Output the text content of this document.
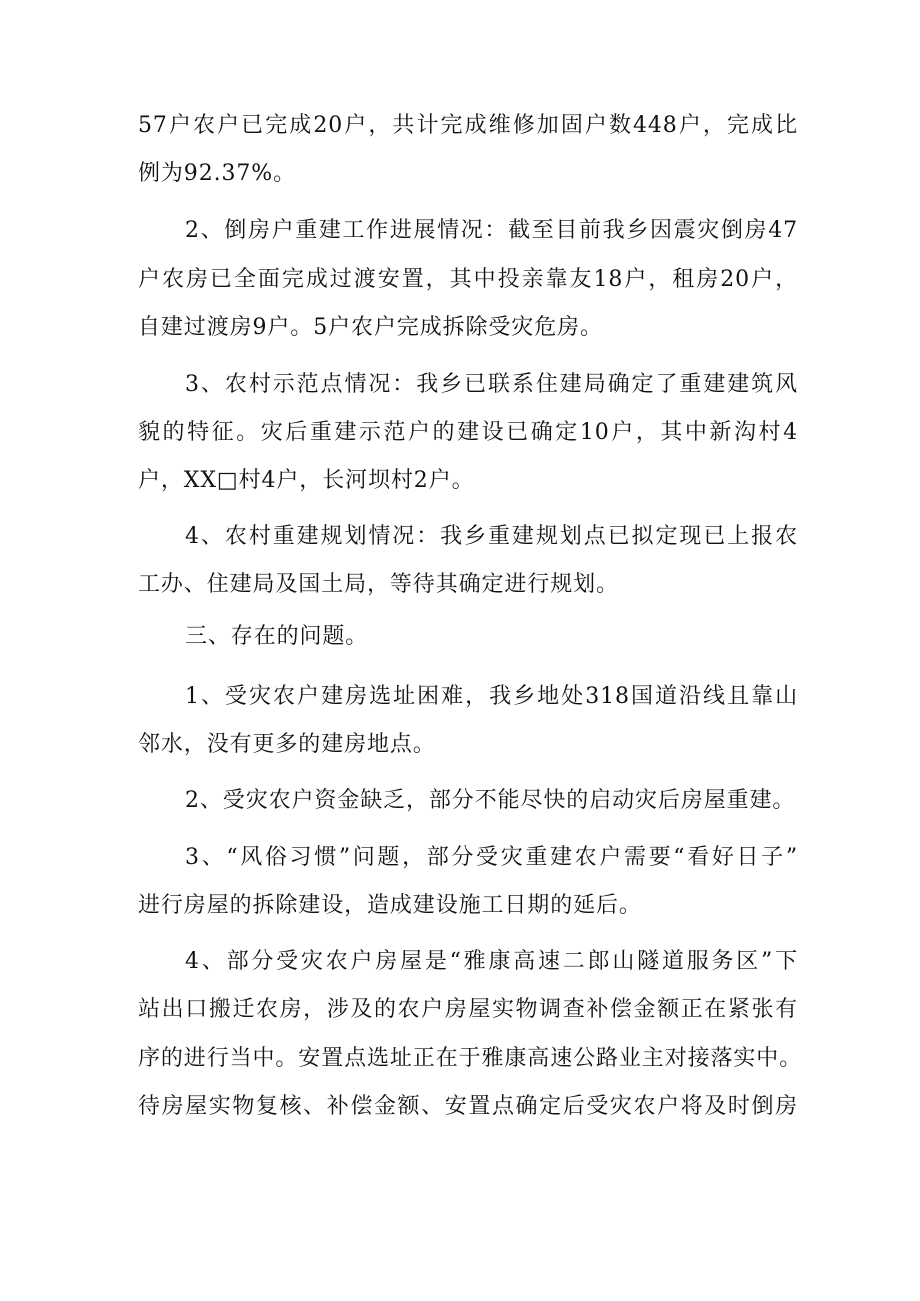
57户农户已完成20户，共计完成维修加固户数448户，完成比
例为92.37%。
2、倒房户重建工作进展情况：截至目前我乡因震灾倒房47
户农房已全面完成过渡安置，其中投亲靠友18户，租房20户，
自建过渡房9户。5户农户完成拆除受灾危房。
3、农村示范点情况：我乡已联系住建局确定了重建建筑风
貌的特征。灾后重建示范户的建设已确定10户，其中新沟村4
户，XX□村4户，长河坝村2户。
4、农村重建规划情况：我乡重建规划点已拟定现已上报农
工办、住建局及国土局，等待其确定进行规划。
三、存在的问题。
1、受灾农户建房选址困难，我乡地处318国道沿线且靠山
邻水，没有更多的建房地点。
2、受灾农户资金缺乏，部分不能尽快的启动灾后房屋重建。
3、“风俗习惯”问题，部分受灾重建农户需要“看好日子”
进行房屋的拆除建设，造成建设施工日期的延后。
4、部分受灾农户房屋是“雅康高速二郎山隧道服务区”下
站出口搬迁农房，涉及的农户房屋实物调查补偿金额正在紧张有
序的进行当中。安置点选址正在于雅康高速公路业主对接落实中。
待房屋实物复核、补偿金额、安置点确定后受灾农户将及时倒房
